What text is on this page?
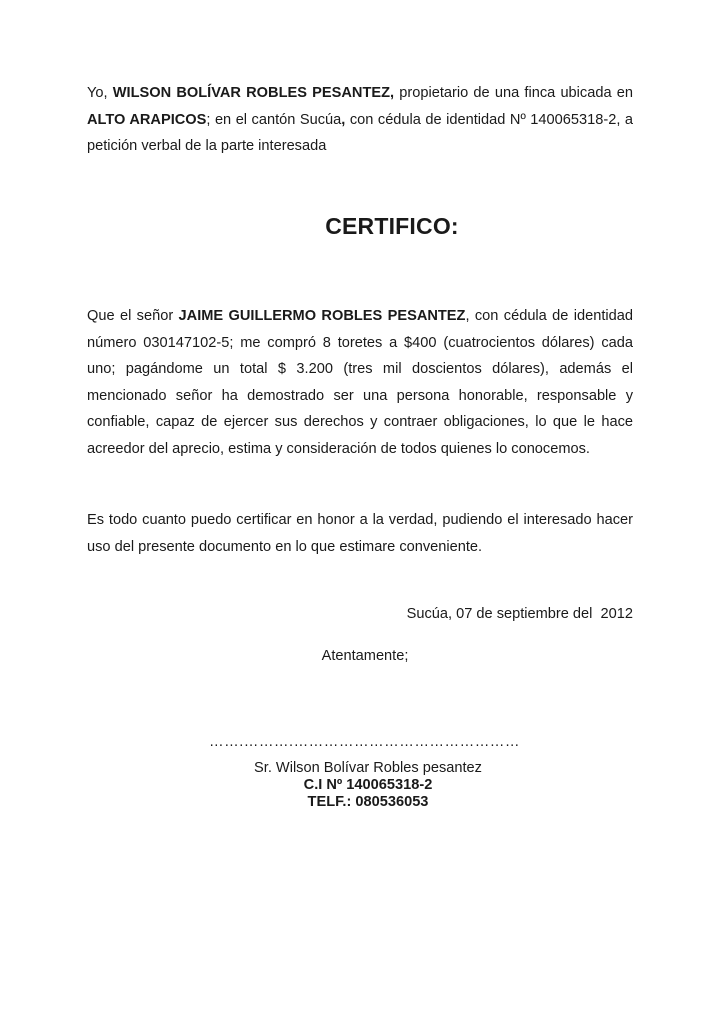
Yo, WILSON BOLÍVAR ROBLES PESANTEZ, propietario de una finca ubicada en ALTO ARAPICOS; en el cantón Sucúa, con cédula de identidad Nº 140065318-2, a petición verbal de la parte interesada

CERTIFICO:

Que el señor JAIME GUILLERMO ROBLES PESANTEZ, con cédula de identidad número 030147102-5; me compró 8 toretes a $400 (cuatrocientos dólares) cada uno; pagándome un total $ 3.200 (tres mil doscientos dólares), además el mencionado señor ha demostrado ser una persona honorable, responsable y confiable, capaz de ejercer sus derechos y contraer obligaciones, lo que le hace acreedor del aprecio, estima y consideración de todos quienes lo conocemos.

Es todo cuanto puedo certificar en honor a la verdad, pudiendo el interesado hacer uso del presente documento en lo que estimare conveniente.

Sucúa, 07 de septiembre del  2012
Atentamente;
…….……….………………………………………
Sr. Wilson Bolívar Robles pesantez
C.I Nº 140065318-2
TELF.: 080536053
